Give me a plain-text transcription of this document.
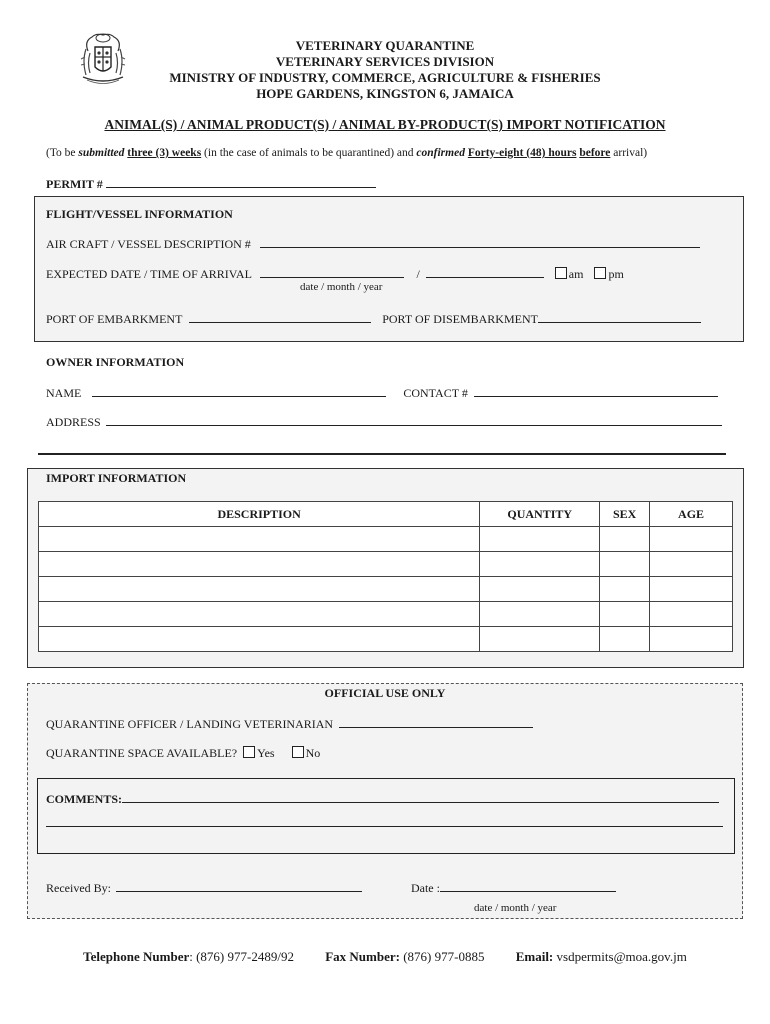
VETERINARY QUARANTINE
VETERINARY SERVICES DIVISION
MINISTRY OF INDUSTRY, COMMERCE, AGRICULTURE & FISHERIES
HOPE GARDENS, KINGSTON 6, JAMAICA
ANIMAL(S) / ANIMAL PRODUCT(S) / ANIMAL BY-PRODUCT(S) IMPORT NOTIFICATION
(To be submitted three (3) weeks (in the case of animals to be quarantined) and confirmed Forty-eight (48) hours before arrival)
PERMIT #
FLIGHT/VESSEL INFORMATION
AIR CRAFT / VESSEL DESCRIPTION #
EXPECTED DATE / TIME OF ARRIVAL	/	am pm
date / month / year
PORT OF EMBARKMENT	PORT OF DISEMBARKMENT
OWNER INFORMATION
NAME	CONTACT #
ADDRESS
IMPORT INFORMATION
DESCRIPTION	QUANTITY	SEX	AGE

OFFICIAL USE ONLY
QUARANTINE OFFICER / LANDING VETERINARIAN
QUARANTINE SPACE AVAILABLE? Yes	No
COMMENTS:
Received By:	Date :
date / month / year
Telephone Number: (876) 977-2489/92 Fax Number: (876) 977-0885 Email: vsdpermits@moa.gov.jm
